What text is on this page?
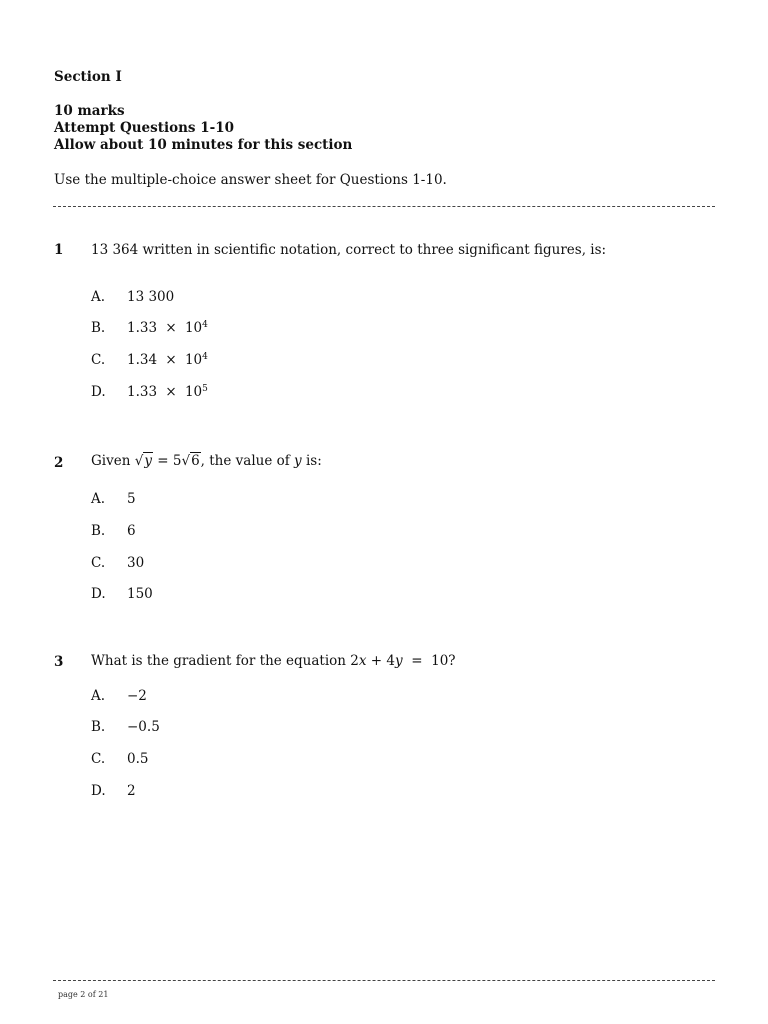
Section I
10 marks
Attempt Questions 1-10
Allow about 10 minutes for this section
Use the multiple-choice answer sheet for Questions 1-10.
1 13 364 written in scientific notation, correct to three significant figures, is:
A. 13 300
B. $1.33 \times 10^4$
C. $1.34 \times 10^4$
D. $1.33 \times 10^5$
2 Given √y = 5√6, the value of y is:
A. 5
B. 6
C. 30
D. 150
3 What is the gradient for the equation 2x + 4y  =  10?
A. −2
B. −0.5
C. 0.5
D. 2
page 2 of 21
